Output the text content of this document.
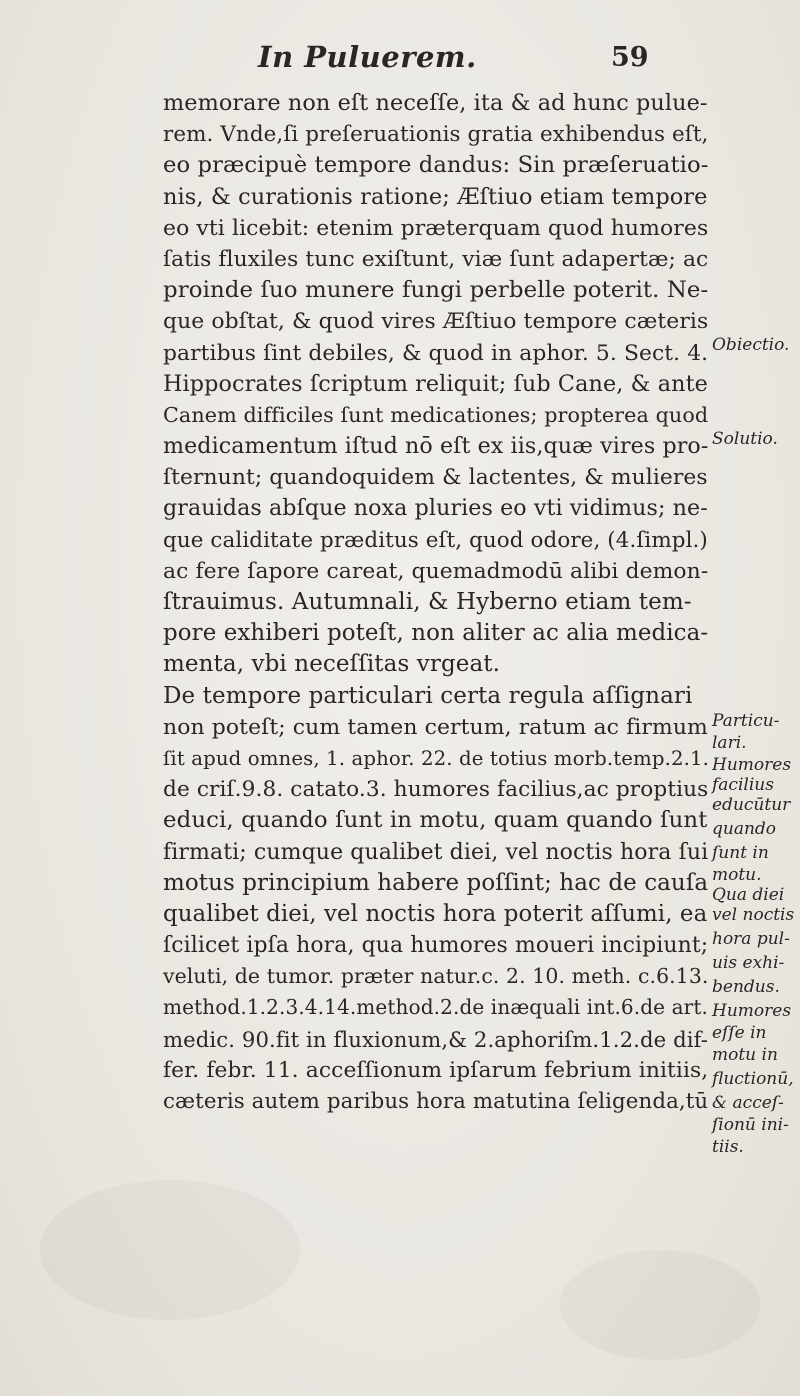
In Puluerem.	59
memorare non eſt neceſſe, ita & ad hunc pulue-
rem. Vnde,ſi preſeruationis gratia exhibendus eſt,
eo præcipuè tempore dandus: Sin præſeruatio-
nis, & curationis ratione; Æſtiuo etiam tempore
eo vti licebit: etenim præterquam quod humores
ſatis fluxiles tunc exiſtunt, viæ ſunt adapertæ; ac
proinde ſuo munere fungi perbelle poterit. Ne-
que obſtat, & quod vires Æſtiuo tempore cæteris
partibus ſint debiles, & quod in aphor. 5. Sect. 4.
Hippocrates ſcriptum reliquit; ſub Cane, & ante
Canem difficiles ſunt medicationes; propterea quod
medicamentum iſtud nō eſt ex iis,quæ vires pro-
ſternunt; quandoquidem & lactentes, & mulieres
grauidas abſque noxa pluries eo vti vidimus; ne-
que caliditate præditus eſt, quod odore, (4.ſimpl.)
ac fere ſapore careat, quemadmodū alibi demon-
ſtrauimus. Autumnali, & Hyberno etiam tem-
pore exhiberi poteſt, non aliter ac alia medica-
menta, vbi neceſſitas vrgeat.
De tempore particulari certa regula aſſignari
non poteſt; cum tamen certum, ratum ac firmum
ſit apud omnes, 1. aphor. 22. de totius morb.temp.2.1.
de criſ.9.8. catato.3. humores facilius,ac proptius
educi, quando ſunt in motu, quam quando ſunt
firmati; cumque qualibet diei, vel noctis hora ſui
motus principium habere poſſint; hac de cauſa
qualibet diei, vel noctis hora poterit aſſumi, ea
ſcilicet ipſa hora, qua humores moueri incipiunt;
veluti, de tumor. præter natur.c. 2. 10. meth. c.6.13.
method.1.2.3.4.14.method.2.de inæquali int.6.de art.
medic. 90.fit in fluxionum,& 2.aphoriſm.1.2.de dif-
fer. febr. 11. acceſſionum ipſarum febrium initiis,
cæteris autem paribus hora matutina ſeligenda,tū
Obiectio.
Solutio.
Particu-
lari.
Humores
facilius
educūtur
quando
ſunt in
motu.
Qua diei
vel noctis
hora pul-
uis exhi-
bendus.
Humores
eſſe in
motu in
fluctionū,
& acceſ-
ſionū ini-
tiis.
